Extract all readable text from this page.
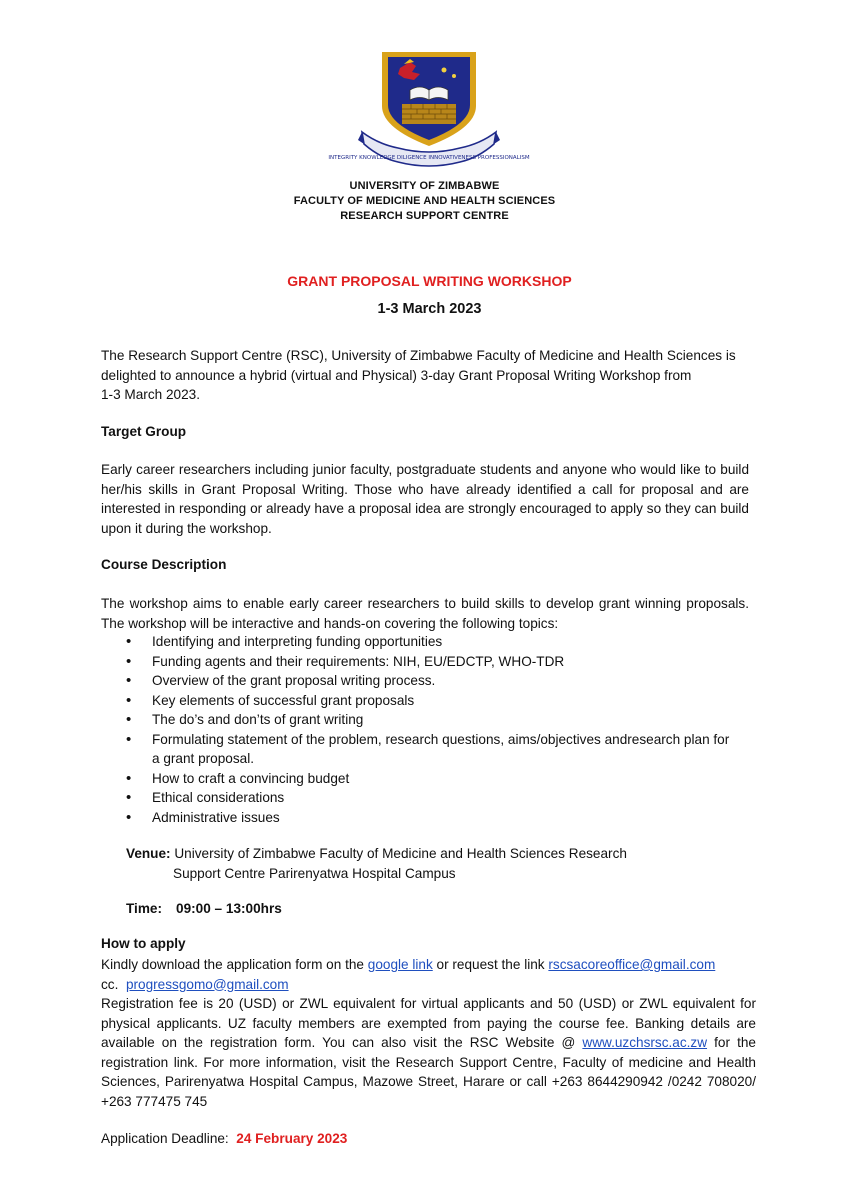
INTEGRITY KNOWLEDGE DILIGENCE INNOVATIVENESS PROFESSIONALISM
UNIVERSITY OF ZIMBABWE
FACULTY OF MEDICINE AND HEALTH SCIENCES
RESEARCH SUPPORT CENTRE
GRANT PROPOSAL WRITING WORKSHOP
1-3 March 2023
The Research Support Centre (RSC), University of Zimbabwe Faculty of Medicine and Health Sciences is
delighted to announce a hybrid (virtual and Physical) 3-day Grant Proposal Writing Workshop from
1-3 March 2023.
Target Group
Early career researchers including junior faculty, postgraduate students and anyone who would like to build her/his skills in Grant Proposal Writing. Those who have already identified a call for proposal and are interested in responding or already have a proposal idea are strongly encouraged to apply so they can build upon it during the workshop.
Course Description
The workshop aims to enable early career researchers to build skills to develop grant winning proposals. The workshop will be interactive and hands-on covering the following topics:
• Identifying and interpreting funding opportunities
• Funding agents and their requirements: NIH, EU/EDCTP, WHO-TDR
• Overview of the grant proposal writing process.
• Key elements of successful grant proposals
• The do’s and don’ts of grant writing
• Formulating statement of the problem, research questions, aims/objectives andresearch plan for a grant proposal.
• How to craft a convincing budget
• Ethical considerations
• Administrative issues
Venue: University of Zimbabwe Faculty of Medicine and Health Sciences Research
Support Centre Parirenyatwa Hospital Campus
Time: 09:00 – 13:00hrs
How to apply
Kindly download the application form on the google link or request the link rscsacoreoffice@gmail.com
cc. progressgomo@gmail.com
Registration fee is 20 (USD) or ZWL equivalent for virtual applicants and 50 (USD) or ZWL equivalent for physical applicants. UZ faculty members are exempted from paying the course fee. Banking details are available on the registration form. You can also visit the RSC Website @ www.uzchsrsc.ac.zw for the registration link. For more information, visit the Research Support Centre, Faculty of medicine and Health Sciences, Parirenyatwa Hospital Campus, Mazowe Street, Harare or call +263 8644290942 /0242 708020/ +263 777475 745
Application Deadline: 24 February 2023
